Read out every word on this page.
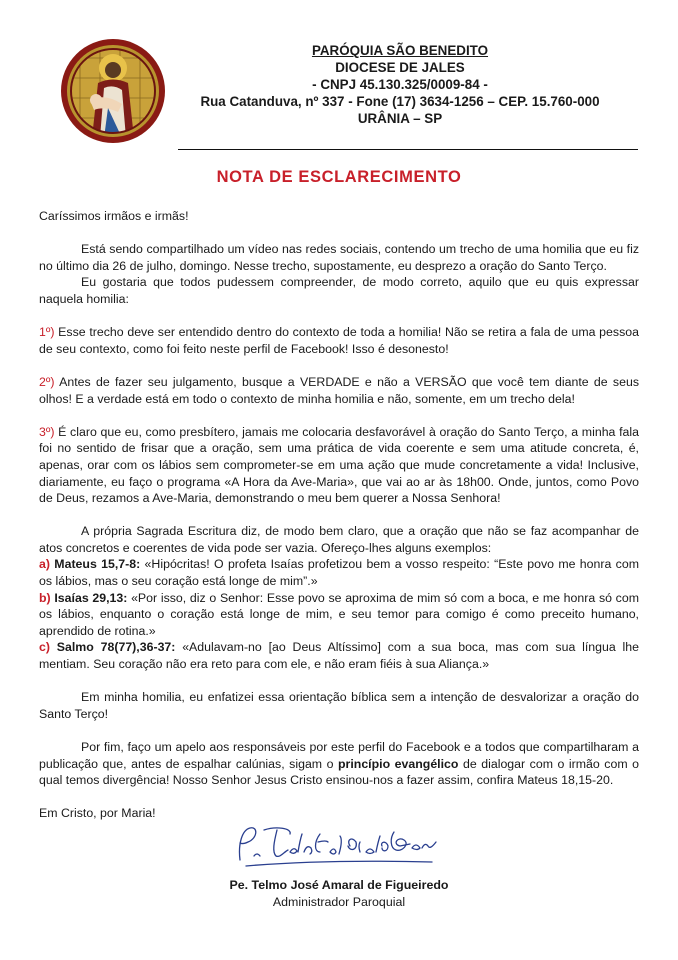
PARÓQUIA SÃO BENEDITO
DIOCESE DE JALES
- CNPJ 45.130.325/0009-84 -
Rua Catanduva, nº 337 - Fone (17) 3634-1256 – CEP. 15.760-000
URÂNIA – SP
NOTA DE ESCLARECIMENTO

Caríssimos irmãos e irmãs!

Está sendo compartilhado um vídeo nas redes sociais, contendo um trecho de uma homilia que eu fiz no último dia 26 de julho, domingo. Nesse trecho, supostamente, eu desprezo a oração do Santo Terço.

Eu gostaria que todos pudessem compreender, de modo correto, aquilo que eu quis expressar naquela homilia:

1º) Esse trecho deve ser entendido dentro do contexto de toda a homilia! Não se retira a fala de uma pessoa de seu contexto, como foi feito neste perfil de Facebook! Isso é desonesto!

2º) Antes de fazer seu julgamento, busque a VERDADE e não a VERSÃO que você tem diante de seus olhos! E a verdade está em todo o contexto de minha homilia e não, somente, em um trecho dela!

3º) É claro que eu, como presbítero, jamais me colocaria desfavorável à oração do Santo Terço, a minha fala foi no sentido de frisar que a oração, sem uma prática de vida coerente e sem uma atitude concreta, é, apenas, orar com os lábios sem comprometer-se em uma ação que mude concretamente a vida! Inclusive, diariamente, eu faço o programa «A Hora da Ave-Maria», que vai ao ar às 18h00. Onde, juntos, como Povo de Deus, rezamos a Ave-Maria, demonstrando o meu bem querer a Nossa Senhora!

A própria Sagrada Escritura diz, de modo bem claro, que a oração que não se faz acompanhar de atos concretos e coerentes de vida pode ser vazia. Ofereço-lhes alguns exemplos:

a) Mateus 15,7-8: «Hipócritas! O profeta Isaías profetizou bem a vosso respeito: “Este povo me honra com os lábios, mas o seu coração está longe de mim”.»

b) Isaías 29,13: «Por isso, diz o Senhor: Esse povo se aproxima de mim só com a boca, e me honra só com os lábios, enquanto o coração está longe de mim, e seu temor para comigo é como preceito humano, aprendido de rotina.»

c) Salmo 78(77),36-37: «Adulavam-no [ao Deus Altíssimo] com a sua boca, mas com sua língua lhe mentiam. Seu coração não era reto para com ele, e não eram fiéis à sua Aliança.»

Em minha homilia, eu enfatizei essa orientação bíblica sem a intenção de desvalorizar a oração do Santo Terço!

Por fim, faço um apelo aos responsáveis por este perfil do Facebook e a todos que compartilharam a publicação que, antes de espalhar calúnias, sigam o princípio evangélico de dialogar com o irmão com o qual temos divergência! Nosso Senhor Jesus Cristo ensinou-nos a fazer assim, confira Mateus 18,15-20.

Em Cristo, por Maria!

Pe. Telmo José Amaral de Figueiredo
Administrador Paroquial
